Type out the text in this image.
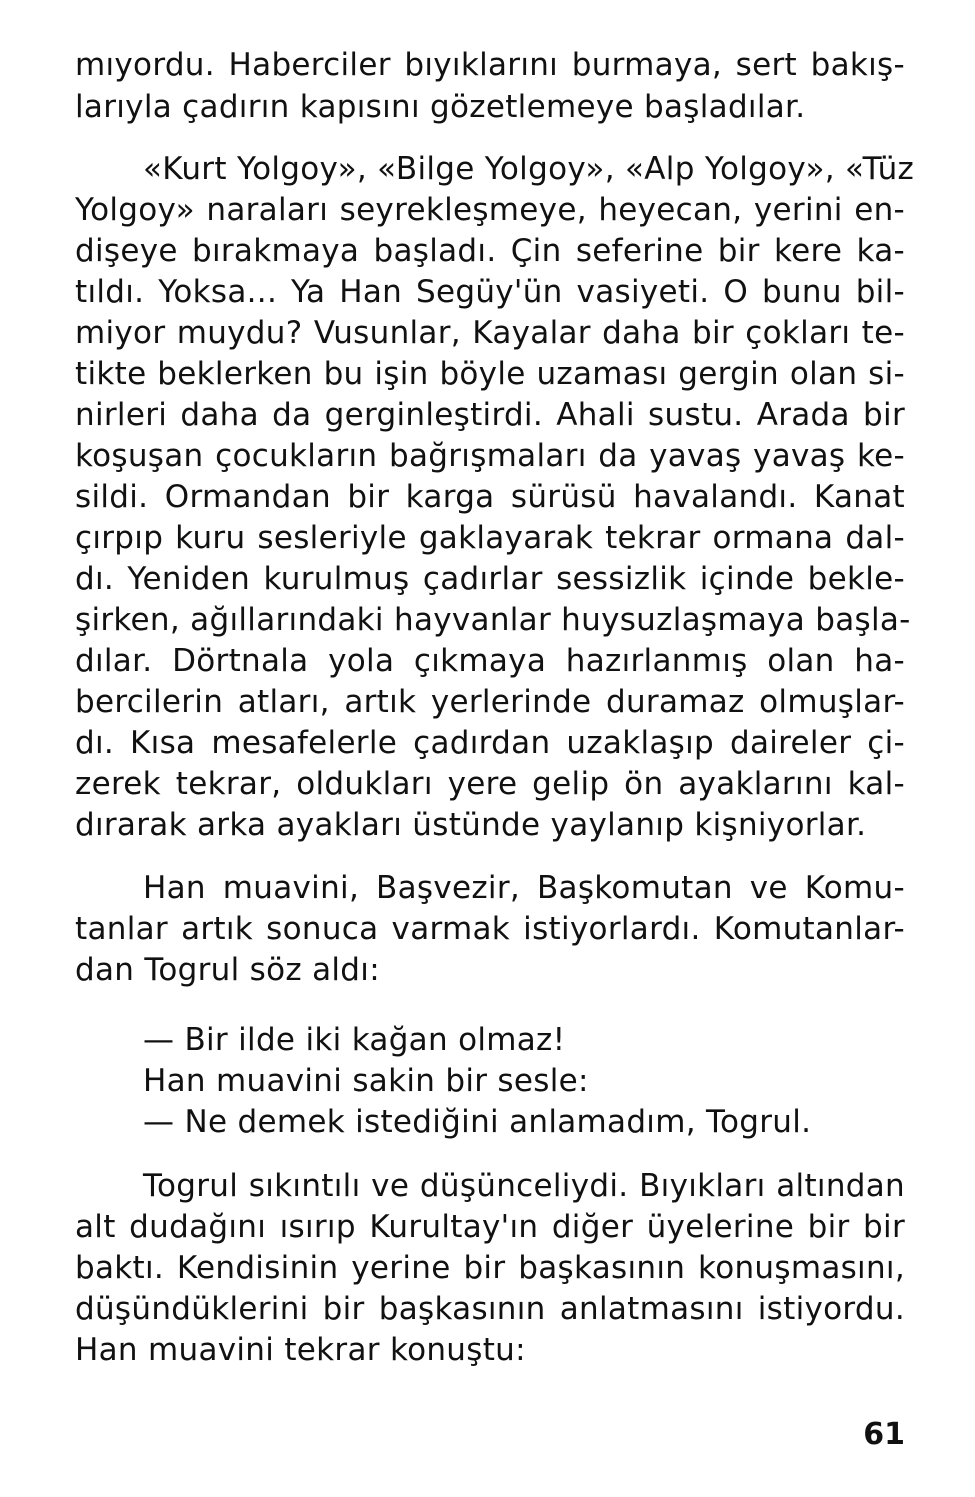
mıyordu. Haberciler bıyıklarını burmaya, sert bakış-
larıyla çadırın kapısını gözetlemeye başladılar.
«Kurt Yolgoy», «Bilge Yolgoy», «Alp Yolgoy», «Tüz
Yolgoy» naraları seyrekleşmeye, heyecan, yerini en-
dişeye bırakmaya başladı. Çin seferine bir kere ka-
tıldı. Yoksa... Ya Han Següy'ün vasiyeti. O bunu bil-
miyor muydu? Vusunlar, Kayalar daha bir çokları te-
tikte beklerken bu işin böyle uzaması gergin olan si-
nirleri daha da gerginleştirdi. Ahali sustu. Arada bir
koşuşan çocukların bağrışmaları da yavaş yavaş ke-
sildi. Ormandan bir karga sürüsü havalandı. Kanat
çırpıp kuru sesleriyle gaklayarak tekrar ormana dal-
dı. Yeniden kurulmuş çadırlar sessizlik içinde bekle-
şirken, ağıllarındaki hayvanlar huysuzlaşmaya başla-
dılar. Dörtnala yola çıkmaya hazırlanmış olan ha-
bercilerin atları, artık yerlerinde duramaz olmuşlar-
dı. Kısa mesafelerle çadırdan uzaklaşıp daireler çi-
zerek tekrar, oldukları yere gelip ön ayaklarını kal-
dırarak arka ayakları üstünde yaylanıp kişniyorlar.
Han muavini, Başvezir, Başkomutan ve Komu-
tanlar artık sonuca varmak istiyorlardı. Komutanlar-
dan Togrul söz aldı:
— Bir ilde iki kağan olmaz!
Han muavini sakin bir sesle:
— Ne demek istediğini anlamadım, Togrul.
Togrul sıkıntılı ve düşünceliydi. Bıyıkları altından
alt dudağını ısırıp Kurultay'ın diğer üyelerine bir bir
baktı. Kendisinin yerine bir başkasının konuşmasını,
düşündüklerini bir başkasının anlatmasını istiyordu.
Han muavini tekrar konuştu:
61
